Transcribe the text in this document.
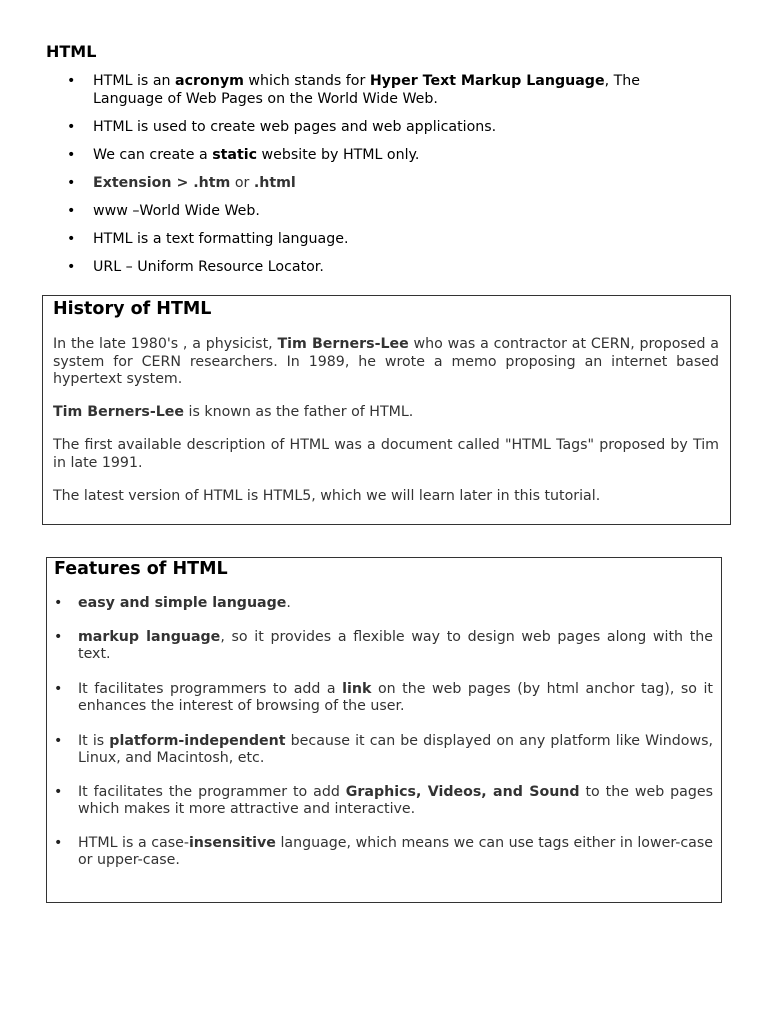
HTML
• HTML is an acronym which stands for Hyper Text Markup Language, The Language of Web Pages on the World Wide Web.
• HTML is used to create web pages and web applications.
• We can create a static website by HTML only.
• Extension > .htm or .html
• www –World Wide Web.
• HTML is a text formatting language.
• URL – Uniform Resource Locator.
History of HTML

In the late 1980's , a physicist, Tim Berners-Lee who was a contractor at CERN, proposed a system for CERN researchers. In 1989, he wrote a memo proposing an internet based hypertext system.

Tim Berners-Lee is known as the father of HTML.

The first available description of HTML was a document called "HTML Tags" proposed by Tim in late 1991.

The latest version of HTML is HTML5, which we will learn later in this tutorial.

Features of HTML
• easy and simple language.
• markup language, so it provides a flexible way to design web pages along with the text.
• It facilitates programmers to add a link on the web pages (by html anchor tag), so it enhances the interest of browsing of the user.
• It is platform-independent because it can be displayed on any platform like Windows, Linux, and Macintosh, etc.
• It facilitates the programmer to add Graphics, Videos, and Sound to the web pages which makes it more attractive and interactive.
• HTML is a case-insensitive language, which means we can use tags either in lower-case or upper-case.
